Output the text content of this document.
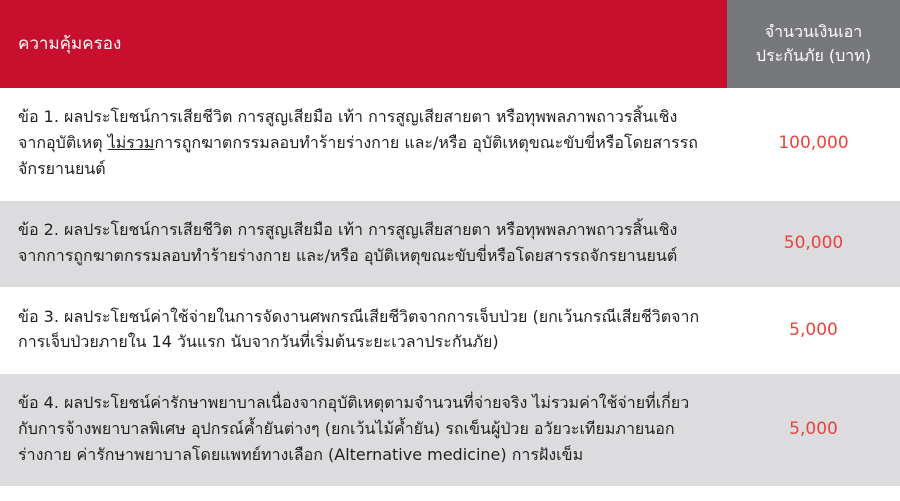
ความคุ้มครอง	จำนวนเงินเอาประกันภัย (บาท)
ข้อ 1. ผลประโยชน์การเสียชีวิต การสูญเสียมือ เท้า การสูญเสียสายตา หรือทุพพลภาพถาวรสิ้นเชิงจากอุบัติเหตุ ไม่รวมการถูกฆาตกรรมลอบทำร้ายร่างกาย และ/หรือ อุบัติเหตุขณะขับขี่หรือโดยสารรถจักรยานยนต์	100,000
ข้อ 2. ผลประโยชน์การเสียชีวิต การสูญเสียมือ เท้า การสูญเสียสายตา หรือทุพพลภาพถาวรสิ้นเชิงจากการถูกฆาตกรรมลอบทำร้ายร่างกาย และ/หรือ อุบัติเหตุขณะขับขี่หรือโดยสารรถจักรยานยนต์	50,000
ข้อ 3. ผลประโยชน์ค่าใช้จ่ายในการจัดงานศพกรณีเสียชีวิตจากการเจ็บป่วย (ยกเว้นกรณีเสียชีวิตจากการเจ็บป่วยภายใน 14 วันแรก นับจากวันที่เริ่มต้นระยะเวลาประกันภัย)	5,000
ข้อ 4. ผลประโยชน์ค่ารักษาพยาบาลเนื่องจากอุบัติเหตุตามจำนวนที่จ่ายจริง ไม่รวมค่าใช้จ่ายที่เกี่ยวกับการจ้างพยาบาลพิเศษ อุปกรณ์ค้ำยันต่างๆ (ยกเว้นไม้ค้ำยัน) รถเข็นผู้ป่วย อวัยวะเทียมภายนอกร่างกาย ค่ารักษาพยาบาลโดยแพทย์ทางเลือก (Alternative medicine) การฝังเข็ม	5,000
